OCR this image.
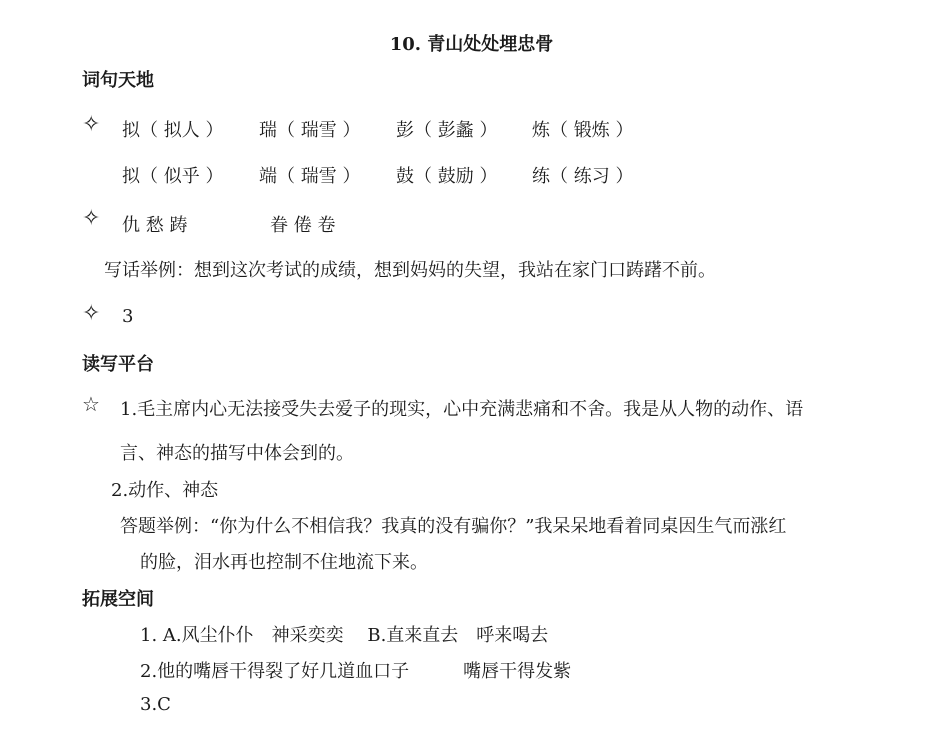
10. 青山处处埋忠骨
词句天地
✧ 拟（ 拟人 ） 瑞（ 瑞雪 ） 彭（ 彭蠡 ） 炼（ 锻炼 ）
拟（ 似乎 ） 端（ 瑞雪 ） 鼓（ 鼓励 ） 练（ 练习 ）
✧ 仇 愁 踌	眷 倦 卷
写话举例：想到这次考试的成绩，想到妈妈的失望，我站在家门口踌躇不前。
✧ 3
读写平台
☆ 1.毛主席内心无法接受失去爱子的现实，心中充满悲痛和不舍。我是从人物的动作、语
言、神态的描写中体会到的。
2.动作、神态
答题举例：“你为什么不相信我？我真的没有骗你？”我呆呆地看着同桌因生气而涨红
的脸，泪水再也控制不住地流下来。
拓展空间
1. A.风尘仆仆　神采奕奕　 B.直来直去　呼来喝去
2.他的嘴唇干得裂了好几道血口子　　　嘴唇干得发紫
3.C
